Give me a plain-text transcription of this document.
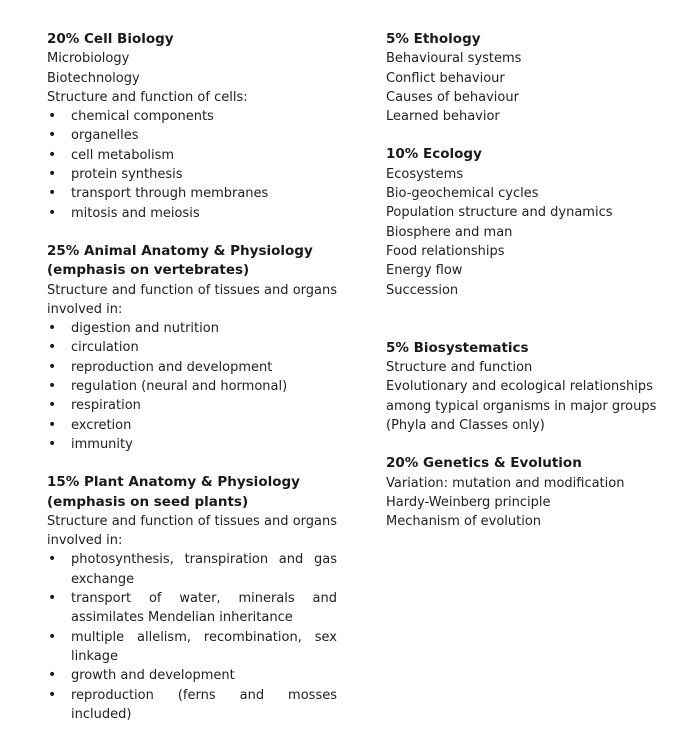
20% Cell Biology
Microbiology
Biotechnology
Structure and function of cells:
• chemical components
• organelles
• cell metabolism
• protein synthesis
• transport through membranes
• mitosis and meiosis
25% Animal Anatomy & Physiology
(emphasis on vertebrates)
Structure and function of tissues and organs involved in:
• digestion and nutrition
• circulation
• reproduction and development
• regulation (neural and hormonal)
• respiration
• excretion
• immunity
15% Plant Anatomy & Physiology
(emphasis on seed plants)
Structure and function of tissues and organs involved in:
• photosynthesis, transpiration and gas exchange
• transport of water, minerals and assimilates Mendelian inheritance
• multiple allelism, recombination, sex linkage
• growth and development
• reproduction (ferns and mosses included)
5% Ethology
Behavioural systems
Conflict behaviour
Causes of behaviour
Learned behavior
10% Ecology
Ecosystems
Bio-geochemical cycles
Population structure and dynamics
Biosphere and man
Food relationships
Energy flow
Succession
5% Biosystematics
Structure and function
Evolutionary and ecological relationships
among typical organisms in major groups
(Phyla and Classes only)
20% Genetics & Evolution
Variation: mutation and modification
Hardy-Weinberg principle
Mechanism of evolution
